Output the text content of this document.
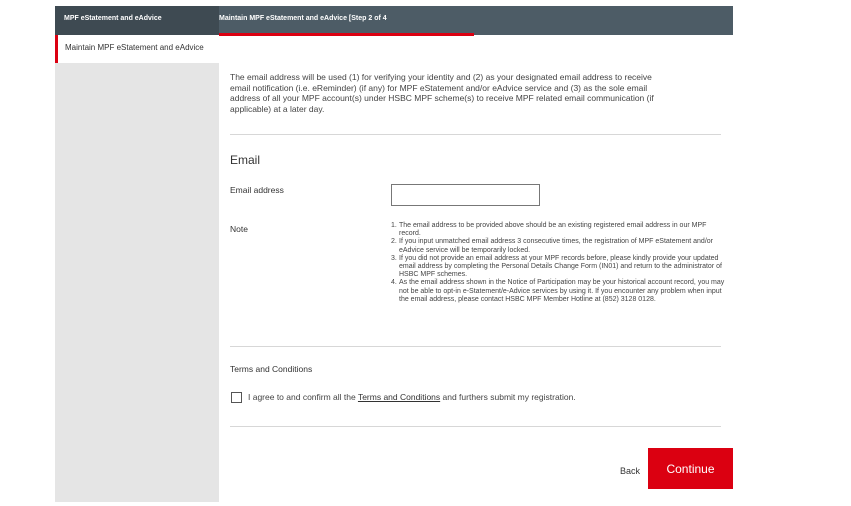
MPF eStatement and eAdvice	Maintain MPF eStatement and eAdvice [Step 2 of 4
Maintain MPF eStatement and eAdvice

The email address will be used (1) for verifying your identity and (2) as your designated email address to receive email notification (i.e. eReminder) (if any) for MPF eStatement and/or eAdvice service and (3) as the sole email address of all your MPF account(s) under HSBC MPF scheme(s) to receive MPF related email communication (if applicable) at a later day.

Email
Email address
Note	1. The email address to be provided above should be an existing registered email address in our MPF record.
2. If you input unmatched email address 3 consecutive times, the registration of MPF eStatement and/or eAdvice service will be temporarily locked.
3. If you did not provide an email address at your MPF records before, please kindly provide your updated email address by completing the Personal Details Change Form (IN01) and return to the administrator of HSBC MPF schemes.
4. As the email address shown in the Notice of Participation may be your historical account record, you may not be able to opt-in e-Statement/e-Advice services by using it. If you encounter any problem when input the email address, please contact HSBC MPF Member Hotline at (852) 3128 0128.
Terms and Conditions
I agree to and confirm all the Terms and Conditions and furthers submit my registration.
Back	Continue
